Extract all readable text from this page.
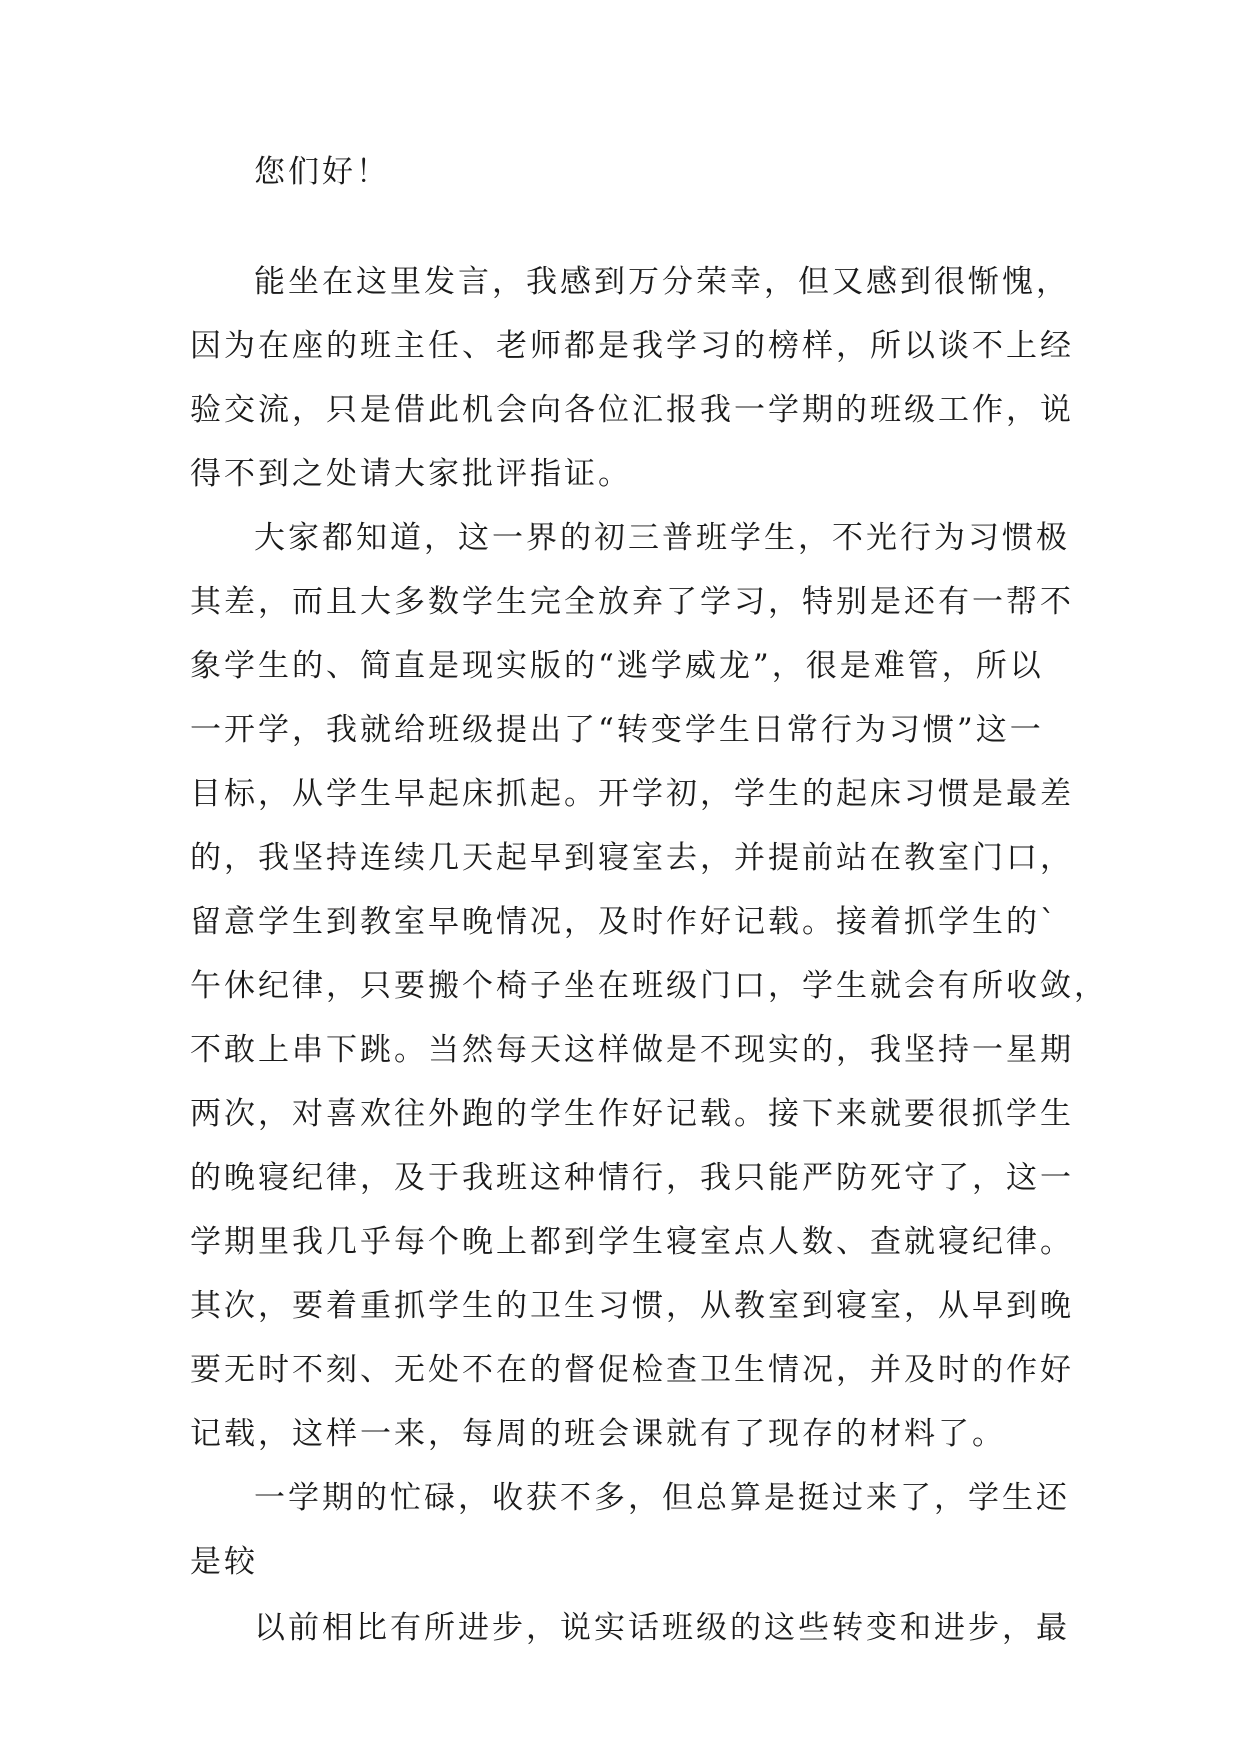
您们好！
能坐在这里发言，我感到万分荣幸，但又感到很惭愧，
因为在座的班主任、老师都是我学习的榜样，所以谈不上经
验交流，只是借此机会向各位汇报我一学期的班级工作，说
得不到之处请大家批评指证。
大家都知道，这一界的初三普班学生，不光行为习惯极
其差，而且大多数学生完全放弃了学习，特别是还有一帮不
象学生的、简直是现实版的“逃学威龙”，很是难管，所以
一开学，我就给班级提出了“转变学生日常行为习惯”这一
目标，从学生早起床抓起。开学初，学生的起床习惯是最差
的，我坚持连续几天起早到寝室去，并提前站在教室门口，
留意学生到教室早晚情况，及时作好记载。接着抓学生的`
午休纪律，只要搬个椅子坐在班级门口，学生就会有所收敛，
不敢上串下跳。当然每天这样做是不现实的，我坚持一星期
两次，对喜欢往外跑的学生作好记载。接下来就要很抓学生
的晚寝纪律，及于我班这种情行，我只能严防死守了，这一
学期里我几乎每个晚上都到学生寝室点人数、查就寝纪律。
其次，要着重抓学生的卫生习惯，从教室到寝室，从早到晚
要无时不刻、无处不在的督促检查卫生情况，并及时的作好
记载，这样一来，每周的班会课就有了现存的材料了。
一学期的忙碌，收获不多，但总算是挺过来了，学生还
是较
以前相比有所进步，说实话班级的这些转变和进步，最
